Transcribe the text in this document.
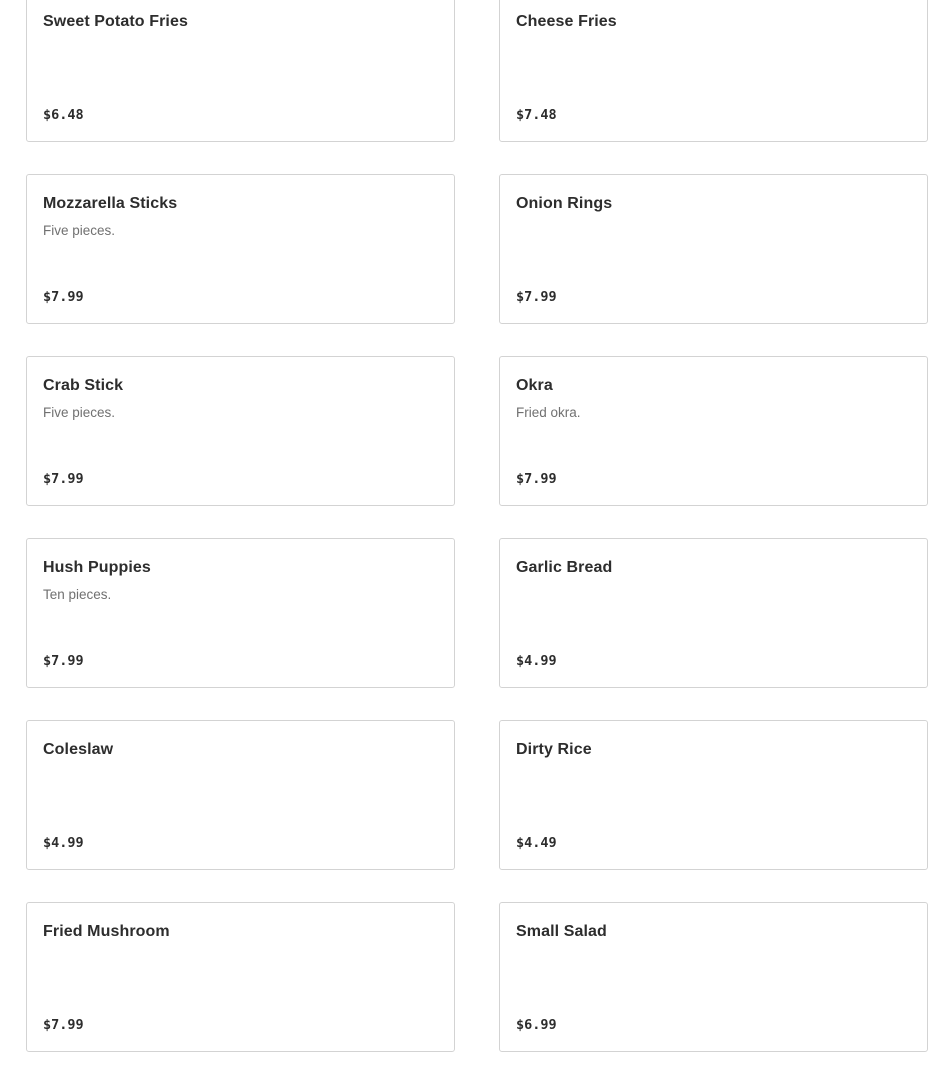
Sweet Potato Fries
$6.48
Cheese Fries
$7.48
Mozzarella Sticks
Five pieces.
$7.99
Onion Rings
$7.99
Crab Stick
Five pieces.
$7.99
Okra
Fried okra.
$7.99
Hush Puppies
Ten pieces.
$7.99
Garlic Bread
$4.99
Coleslaw
$4.99
Dirty Rice
$4.49
Fried Mushroom
$7.99
Small Salad
$6.99
